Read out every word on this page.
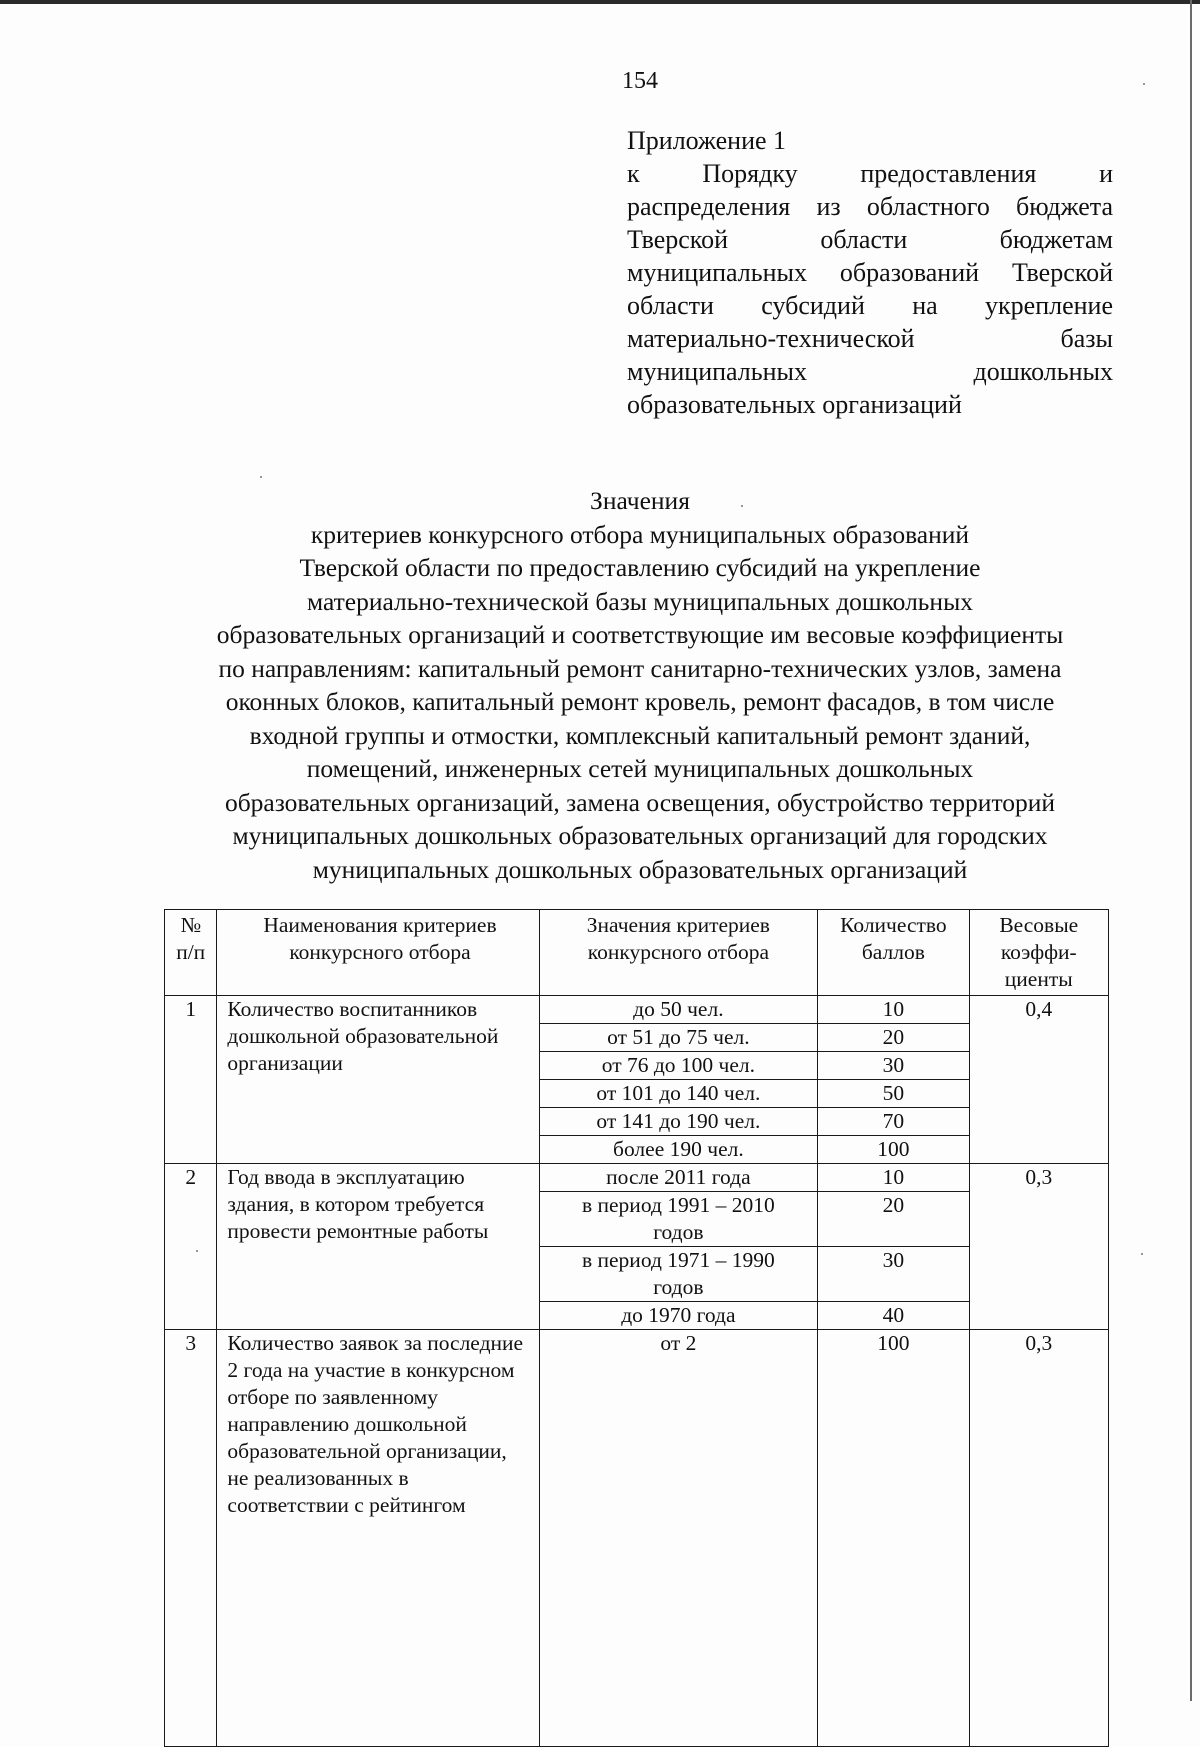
154
Приложение 1
к Порядку предоставления и распределения из областного бюджета Тверской области бюджетам муниципальных образований Тверской области субсидий на укрепление материально-технической базы муниципальных дошкольных образовательных организаций
Значения
критериев конкурсного отбора муниципальных образований
Тверской области по предоставлению субсидий на укрепление
материально-технической базы муниципальных дошкольных
образовательных организаций и соответствующие им весовые коэффициенты
по направлениям: капитальный ремонт санитарно-технических узлов, замена
оконных блоков, капитальный ремонт кровель, ремонт фасадов, в том числе
входной группы и отмостки, комплексный капитальный ремонт зданий,
помещений, инженерных сетей муниципальных дошкольных
образовательных организаций, замена освещения, обустройство территорий
муниципальных дошкольных образовательных организаций для городских
муниципальных дошкольных образовательных организаций
№ п/п	Наименования критериев конкурсного отбора	Значения критериев конкурсного отбора	Количество баллов	Весовые коэффи-циенты
1	Количество воспитанников дошкольной образовательной организации	до 50 чел.	10	0,4
		от 51 до 75 чел.	20	
		от 76 до 100 чел.	30	
		от 101 до 140 чел.	50	
		от 141 до 190 чел.	70	
		более 190 чел.	100	
2	Год ввода в эксплуатацию здания, в котором требуется провести ремонтные работы	после 2011 года	10	0,3
		в период 1991 – 2010 годов	20	
		в период 1971 – 1990 годов	30	
		до 1970 года	40	
3	Количество заявок за последние 2 года на участие в конкурсном отборе по заявленному направлению дошкольной образовательной организации, не реализованных в соответствии с рейтингом	от 2	100	0,3
